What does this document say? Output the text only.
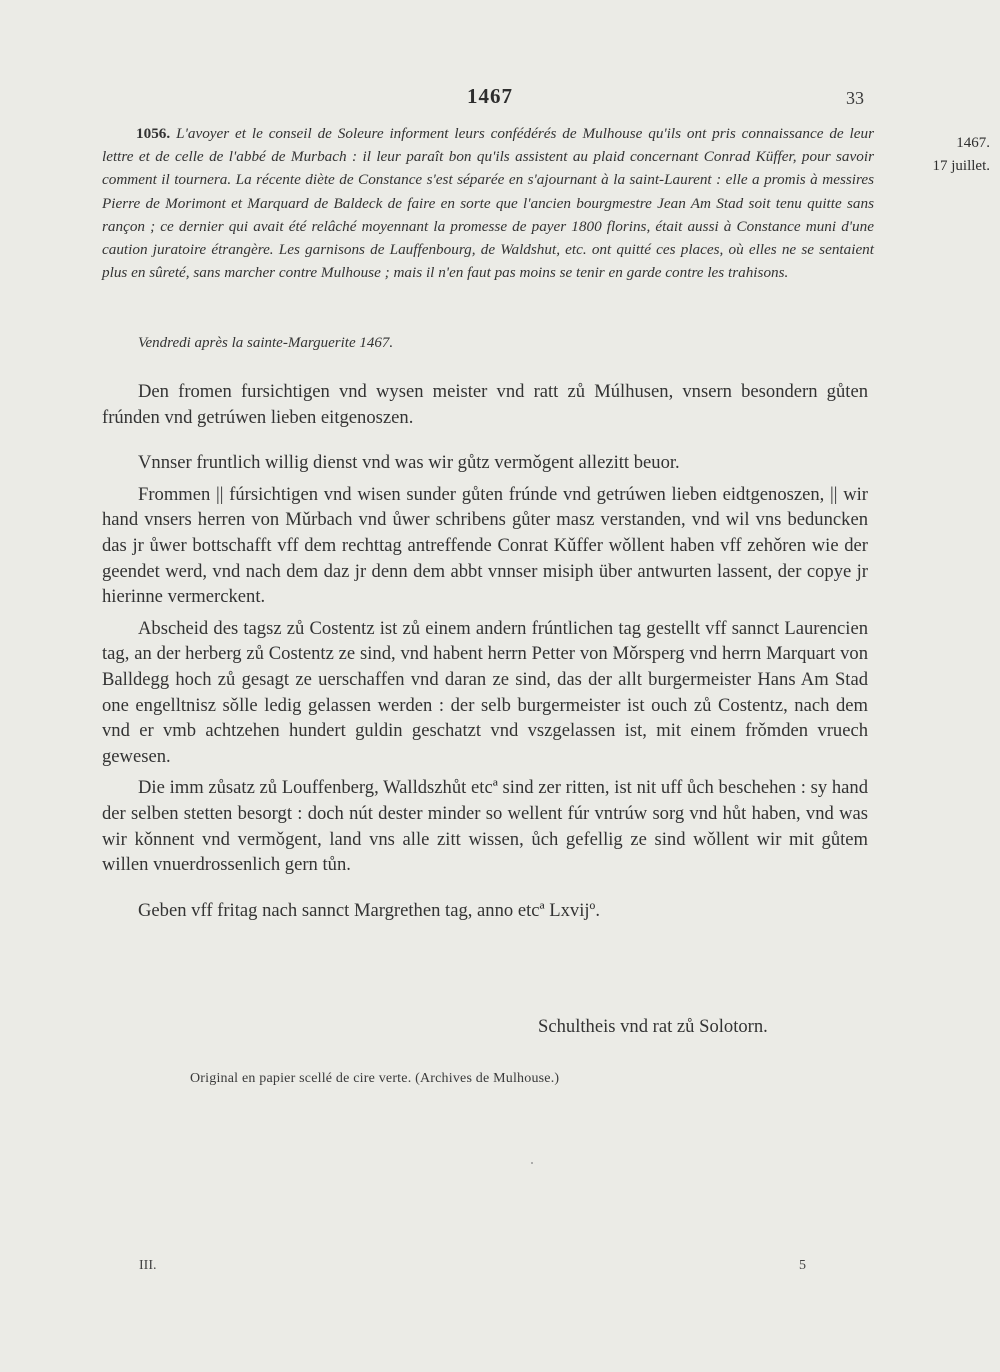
1467	33
1467.
17 juillet.
1056. L'avoyer et le conseil de Soleure informent leurs confédérés de Mulhouse qu'ils ont pris connaissance de leur lettre et de celle de l'abbé de Murbach : il leur paraît bon qu'ils assistent au plaid concernant Conrad Küffer, pour savoir comment il tournera. La récente diète de Constance s'est séparée en s'ajournant à la saint-Laurent : elle a promis à messires Pierre de Morimont et Marquard de Baldeck de faire en sorte que l'ancien bourgmestre Jean Am Stad soit tenu quitte sans rançon ; ce dernier qui avait été relâché moyennant la promesse de payer 1800 florins, était aussi à Constance muni d'une caution juratoire étrangère. Les garnisons de Lauffenbourg, de Waldshut, etc. ont quitté ces places, où elles ne se sentaient plus en sûreté, sans marcher contre Mulhouse ; mais il n'en faut pas moins se tenir en garde contre les trahisons.
Vendredi après la sainte-Marguerite 1467.

Den fromen fursichtigen vnd wysen meister vnd ratt zů Múlhusen, vnsern besondern gůten frúnden vnd getrúwen lieben eitgenoszen.

Vnnser fruntlich willig dienst vnd was wir gůtz vermǒgent allezitt beuor.

Frommen || fúrsichtigen vnd wisen sunder gůten frúnde vnd getrúwen lieben eidtgenoszen, || wir hand vnsers herren von Mǔrbach vnd ůwer schribens gůter masz verstanden, vnd wil vns beduncken das jr ůwer bottschafft vff dem rechttag antreffende Conrat Kǔffer wǒllent haben vff zehǒren wie der geendet werd, vnd nach dem daz jr denn dem abbt vnnser misiph über antwurten lassent, der copye jr hierinne vermerckent.

Abscheid des tagsz zů Costentz ist zů einem andern frúntlichen tag gestellt vff sannct Laurencien tag, an der herberg zů Costentz ze sind, vnd habent herrn Petter von Mǒrsperg vnd herrn Marquart von Balldegg hoch zů gesagt ze uerschaffen vnd daran ze sind, das der allt burgermeister Hans Am Stad one engelltnisz sǒlle ledig gelassen werden : der selb burgermeister ist ouch zů Costentz, nach dem vnd er vmb achtzehen hundert guldin geschatzt vnd vszgelassen ist, mit einem frǒmden vruech gewesen.

Die imm zůsatz zů Louffenberg, Walldszhůt etcª sind zer ritten, ist nit uff ůch beschehen : sy hand der selben stetten besorgt : doch nút dester minder so wellent fúr vntrúw sorg vnd hůt haben, vnd was wir kǒnnent vnd vermǒgent, land vns alle zitt wissen, ůch gefellig ze sind wǒllent wir mit gůtem willen vnuerdrossenlich gern tůn.

Geben vff fritag nach sannct Margrethen tag, anno etcª Lxvijº.

Schultheis vnd rat zů Solotorn.
Original en papier scellé de cire verte. (Archives de Mulhouse.)
III.	5
